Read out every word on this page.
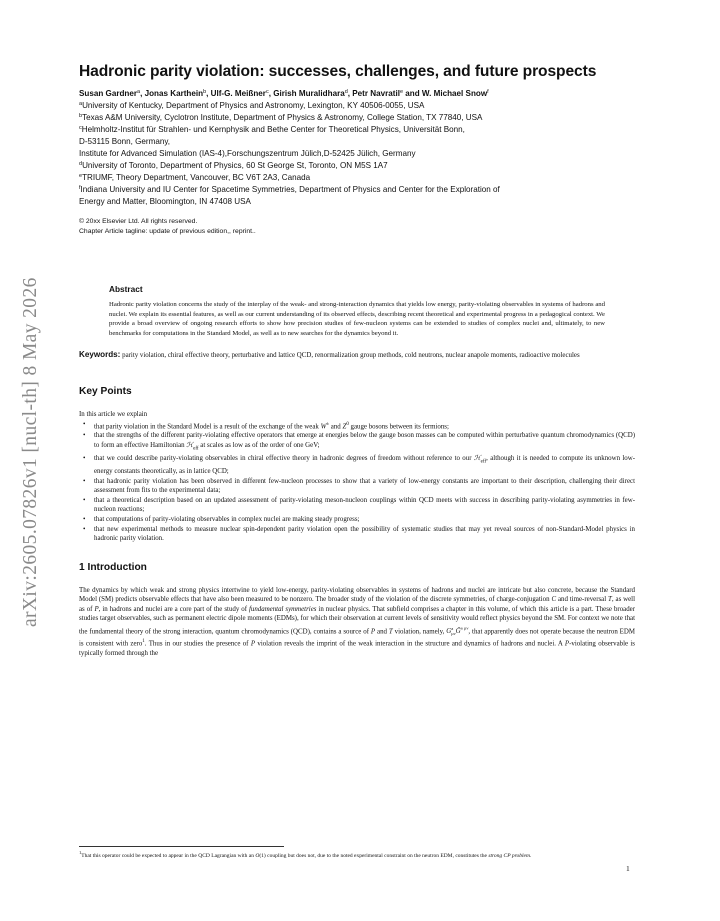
arXiv:2605.07826v1 [nucl-th] 8 May 2026
Hadronic parity violation: successes, challenges, and future prospects
Susan Gardner$^a$, Jonas Karthein$^b$, Ulf-G. Meißner$^c$, Girish Muralidhara$^d$, Petr Navratil$^e$ and W. Michael Snow$^f$
$^a$University of Kentucky, Department of Physics and Astronomy, Lexington, KY 40506-0055, USA
$^b$Texas A&M University, Cyclotron Institute, Department of Physics & Astronomy, College Station, TX 77840, USA
$^c$Helmholtz-Institut für Strahlen- und Kernphysik and Bethe Center for Theoretical Physics, Universität Bonn,
D-53115 Bonn, Germany,
Institute for Advanced Simulation (IAS-4),Forschungszentrum Jülich,D-52425 Jülich, Germany
$^d$University of Toronto, Department of Physics, 60 St George St, Toronto, ON M5S 1A7
$^e$TRIUMF, Theory Department, Vancouver, BC V6T 2A3, Canada
$^f$Indiana University and IU Center for Spacetime Symmetries, Department of Physics and Center for the Exploration of
Energy and Matter, Bloomington, IN 47408 USA
© 20xx Elsevier Ltd. All rights reserved.
Chapter Article tagline: update of previous edition,, reprint..
Abstract

Hadronic parity violation concerns the study of the interplay of the weak- and strong-interaction dynamics that yields low energy, parity-violating observables in systems of hadrons and nuclei. We explain its essential features, as well as our current understanding of its observed effects, describing recent theoretical and experimental progress in a pedagogical context. We provide a broad overview of ongoing research efforts to show how precision studies of few-nucleon systems can be extended to studies of complex nuclei and, ultimately, to new benchmarks for computations in the Standard Model, as well as to new searches for the dynamics beyond it.

Keywords: parity violation, chiral effective theory, perturbative and lattice QCD, renormalization group methods, cold neutrons, nuclear anapole moments, radioactive molecules
Key Points
In this article we explain
• that parity violation in the Standard Model is a result of the exchange of the weak W± and $Z^0$ gauge bosons between its fermions;
• that the strengths of the different parity-violating effective operators that emerge at energies below the gauge boson masses can be computed within perturbative quantum chromodynamics (QCD) to form an effective Hamiltonian ℋ$_{eff}$ at scales as low as of the order of one GeV;
• that we could describe parity-violating observables in chiral effective theory in hadronic degrees of freedom without reference to our ℋ$_{eff}$, although it is needed to compute its unknown low-energy constants theoretically, as in lattice QCD;
• that hadronic parity violation has been observed in different few-nucleon processes to show that a variety of low-energy constants are important to their description, challenging their direct assessment from fits to the experimental data;
• that a theoretical description based on an updated assessment of parity-violating meson-nucleon couplings within QCD meets with success in describing parity-violating asymmetries in few-nucleon reactions;
• that computations of parity-violating observables in complex nuclei are making steady progress;
• that new experimental methods to measure nuclear spin-dependent parity violation open the possibility of systematic studies that may yet reveal sources of non-Standard-Model physics in hadronic parity violation.
1 Introduction
The dynamics by which weak and strong physics intertwine to yield low-energy, parity-violating observables in systems of hadrons and nuclei are intricate but also concrete, because the Standard Model (SM) predicts observable effects that have also been measured to be nonzero. The broader study of the violation of the discrete symmetries, of charge-conjugation C and time-reversal T, as well as of P, in hadrons and nuclei are a core part of the study of fundamental symmetries in nuclear physics. That subfield comprises a chapter in this volume, of which this article is a part. These broader studies target observables, such as permanent electric dipole moments (EDMs), for which their observation at current levels of sensitivity would reflect physics beyond the SM. For context we note that the fundamental theory of the strong interaction, quantum chromodynamics (QCD), contains a source of P and T violation, namely, G a
μν G̃$^{a \mu\nu}$, that apparently does not operate because the neutron EDM is consistent with zero$^1$. Thus in our studies the presence of P violation reveals the imprint of the weak interaction in the structure and dynamics of hadrons and nuclei. A P-violating observable is typically formed through the
$^1$That this operator could be expected to appear in the QCD Lagrangian with an O(1) coupling but does not, due to the noted experimental constraint on the neutron EDM, constitutes the strong CP problem.
1
